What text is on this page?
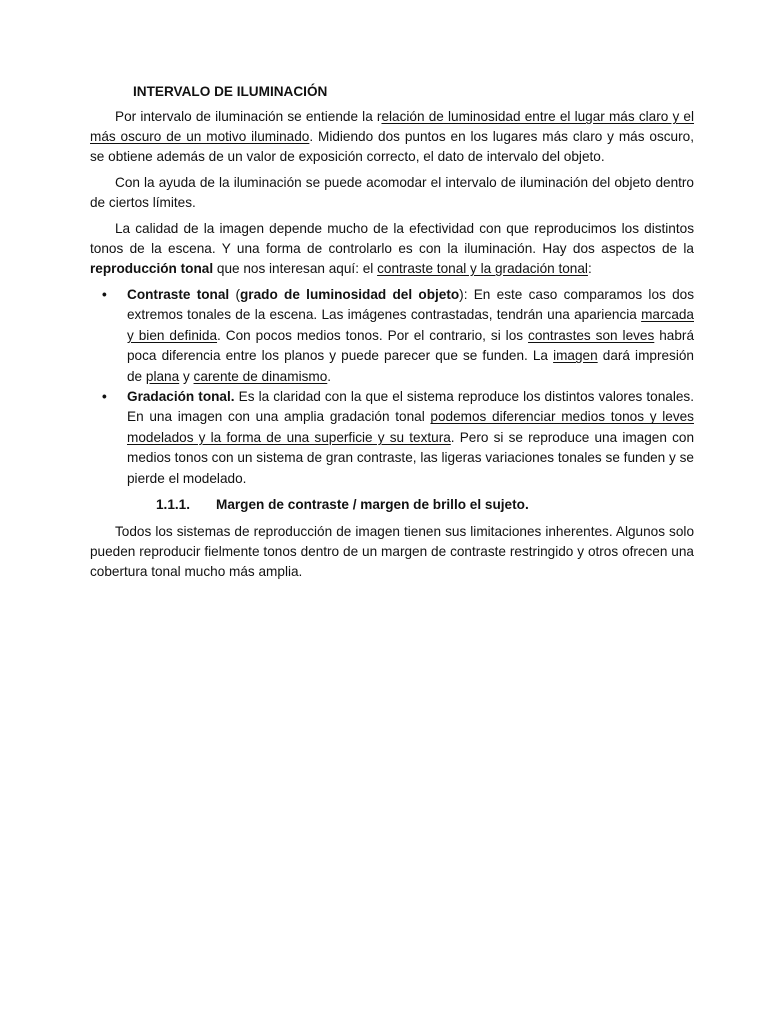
INTERVALO DE ILUMINACIÓN

Por intervalo de iluminación se entiende la relación de luminosidad entre el lugar más claro y el más oscuro de un motivo iluminado. Midiendo dos puntos en los lugares más claro y más oscuro, se obtiene además de un valor de exposición correcto, el dato de intervalo del objeto.

Con la ayuda de la iluminación se puede acomodar el intervalo de iluminación del objeto dentro de ciertos límites.

La calidad de la imagen depende mucho de la efectividad con que reproducimos los distintos tonos de la escena. Y una forma de controlarlo es con la iluminación. Hay dos aspectos de la reproducción tonal que nos interesan aquí: el contraste tonal y la gradación tonal:

• Contraste tonal (grado de luminosidad del objeto): En este caso comparamos los dos extremos tonales de la escena. Las imágenes contrastadas, tendrán una apariencia marcada y bien definida. Con pocos medios tonos. Por el contrario, si los contrastes son leves habrá poca diferencia entre los planos y puede parecer que se funden. La imagen dará impresión de plana y carente de dinamismo.
• Gradación tonal. Es la claridad con la que el sistema reproduce los distintos valores tonales. En una imagen con una amplia gradación tonal podemos diferenciar medios tonos y leves modelados y la forma de una superficie y su textura. Pero si se reproduce una imagen con medios tonos con un sistema de gran contraste, las ligeras variaciones tonales se funden y se pierde el modelado.
1.1.1. Margen de contraste / margen de brillo el sujeto.

Todos los sistemas de reproducción de imagen tienen sus limitaciones inherentes. Algunos solo pueden reproducir fielmente tonos dentro de un margen de contraste restringido y otros ofrecen una cobertura tonal mucho más amplia.
